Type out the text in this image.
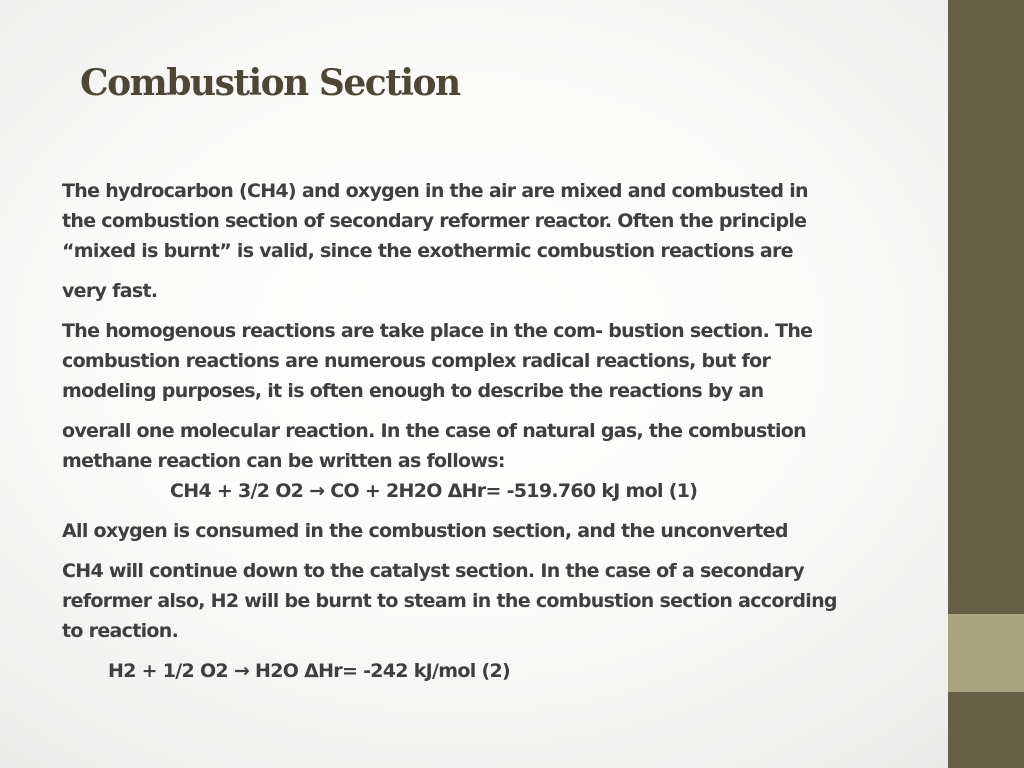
Combustion Section
The hydrocarbon (CH4) and oxygen in the air are mixed and combusted in
the combustion section of secondary reformer reactor. Often the principle
“mixed is burnt” is valid, since the exothermic combustion reactions are
very fast.
The homogenous reactions are take place in the com- bustion section. The
combustion reactions are numerous complex radical reactions, but for
modeling purposes, it is often enough to describe the reactions by an
overall one molecular reaction. In the case of natural gas, the combustion
methane reaction can be written as follows:
CH4 + 3/2 O2 → CO + 2H2O ΔHr= -519.760 kJ mol (1)
All oxygen is consumed in the combustion section, and the unconverted
CH4 will continue down to the catalyst section. In the case of a secondary
reformer also, H2 will be burnt to steam in the combustion section according
to reaction.
H2 + 1/2 O2 → H2O ΔHr= -242 kJ/mol (2)
